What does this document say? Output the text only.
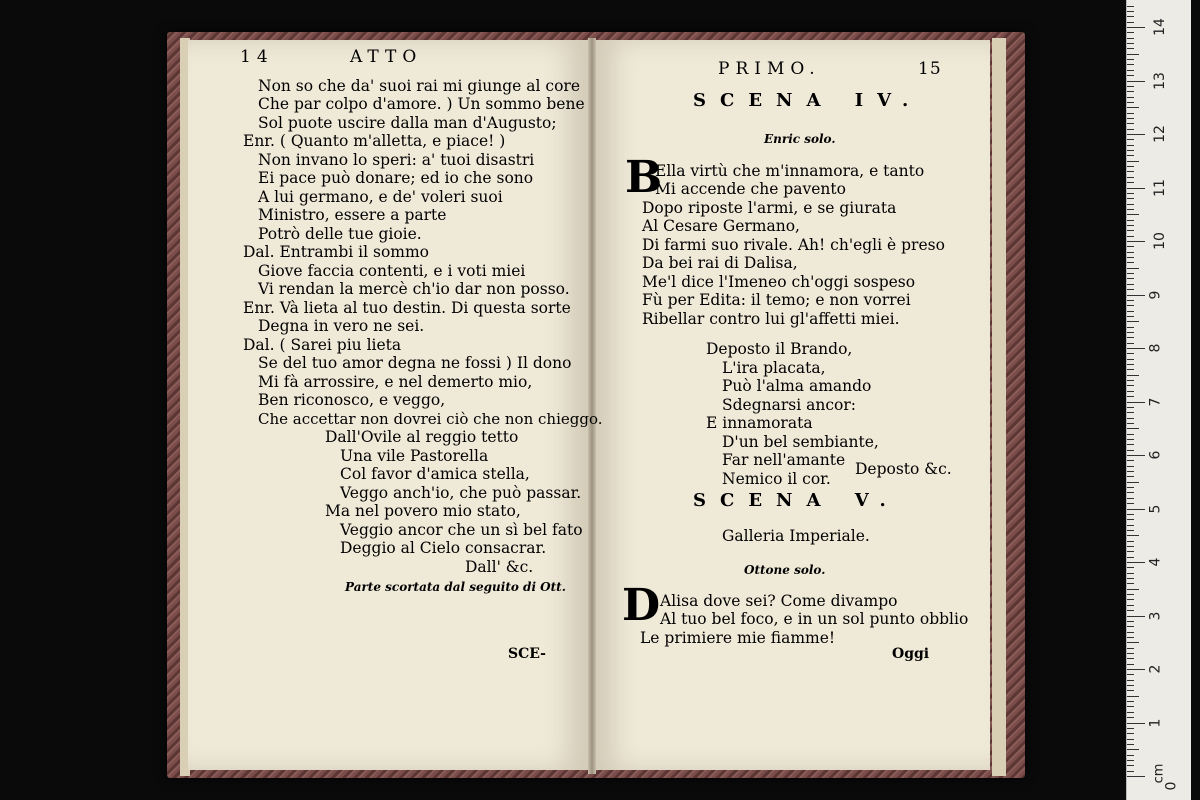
14	ATTO
Non so che da' suoi rai mi giunge al core
Che par colpo d'amore. ) Un sommo bene
Sol puote uscire dalla man d'Augusto;
Enr. ( Quanto m'alletta, e piace! )
Non invano lo speri: a' tuoi disastri
Ei pace può donare; ed io che sono
A lui germano, e de' voleri suoi
Ministro, essere a parte
Potrò delle tue gioie.
Dal. Entrambi il sommo
Giove faccia contenti, e i voti miei
Vi rendan la mercè ch'io dar non posso.
Enr. Và lieta al tuo destin. Di questa sorte
Degna in vero ne sei.
Dal. ( Sarei piu lieta
Se del tuo amor degna ne fossi ) Il dono
Mi fà arrossire, e nel demerto mio,
Ben riconosco, e veggo,
Che accettar non dovrei ciò che non chieggo.
Dall'Ovile al reggio tetto
Una vile Pastorella
Col favor d'amica stella,
Veggo anch'io, che può passar.
Ma nel povero mio stato,
Veggio ancor che un sì bel fato
Deggio al Cielo consacrar.
Dall' &c.
Parte scortata dal seguito di Ott.
SCE-
PRIMO.	15
SCENA IV.
Enric solo.
B
Ella virtù che m'innamora, e tanto
Mi accende che pavento
Dopo riposte l'armi, e se giurata
Al Cesare Germano,
Di farmi suo rivale. Ah! ch'egli è preso
Da bei rai di Dalisa,
Me'l dice l'Imeneo ch'oggi sospeso
Fù per Edita: il temo; e non vorrei
Ribellar contro lui gl'affetti miei.
Deposto il Brando,
L'ira placata,
Può l'alma amando
Sdegnarsi ancor:
E innamorata
D'un bel sembiante,
Far nell'amante
Nemico il cor.
Deposto &c.
SCENA V.
Galleria Imperiale.
Ottone solo.
D Alisa dove sei? Come divampo
Al tuo bel foco, e in un sol punto obblio
Le primiere mie fiamme!
Oggi
cm
1
2
3
4
5
6
7
8
9
10
11
12
13
14
0
